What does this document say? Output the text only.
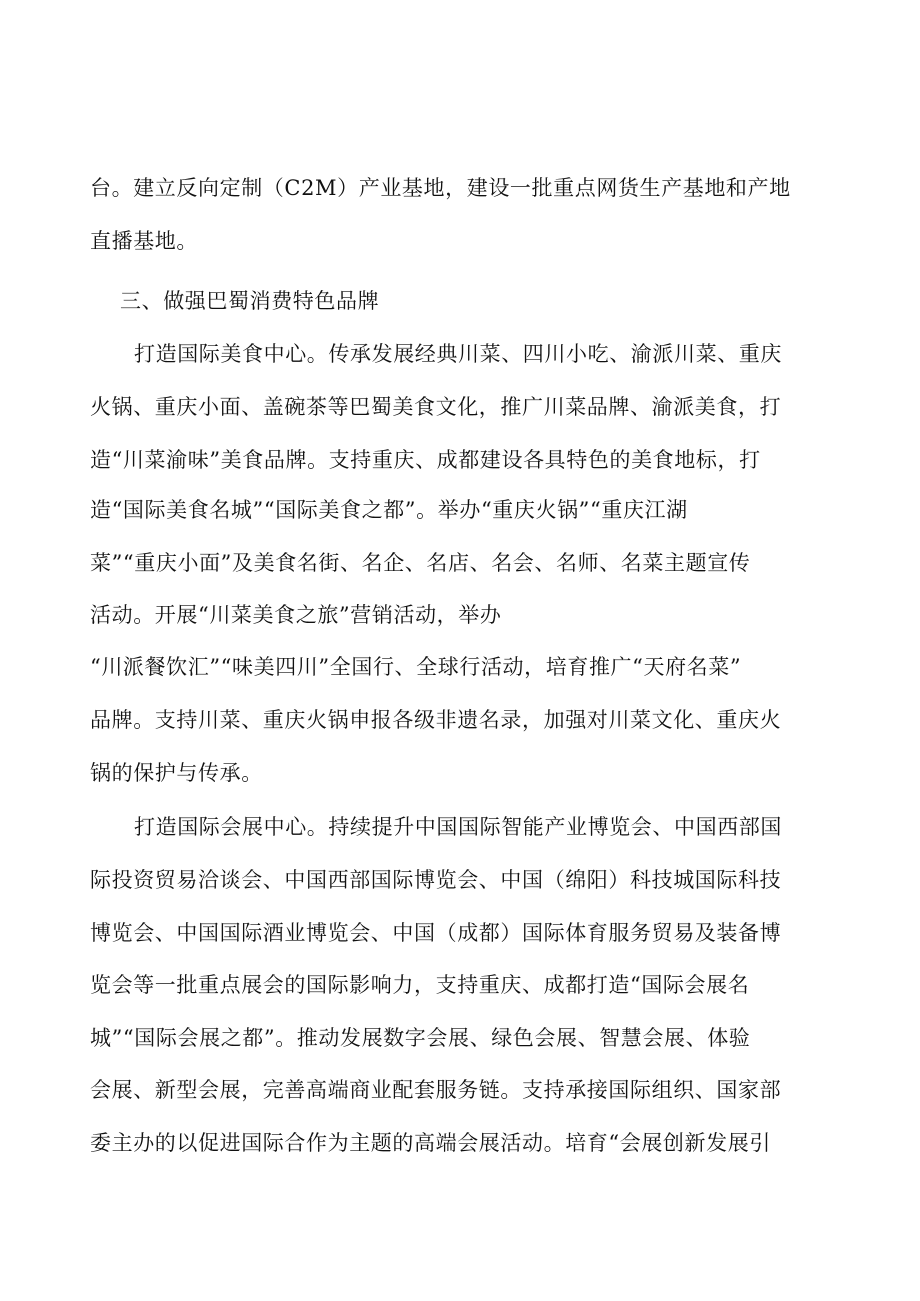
台。建立反向定制（C2M）产业基地，建设一批重点网货生产基地和产地
直播基地。
三、做强巴蜀消费特色品牌
打造国际美食中心。传承发展经典川菜、四川小吃、渝派川菜、重庆
火锅、重庆小面、盖碗茶等巴蜀美食文化，推广川菜品牌、渝派美食，打
造“川菜渝味”美食品牌。支持重庆、成都建设各具特色的美食地标，打
造“国际美食名城”“国际美食之都”。举办“重庆火锅”“重庆江湖
菜”“重庆小面”及美食名街、名企、名店、名会、名师、名菜主题宣传
活动。开展“川菜美食之旅”营销活动，举办
“川派餐饮汇”“味美四川”全国行、全球行活动，培育推广“天府名菜”
品牌。支持川菜、重庆火锅申报各级非遗名录，加强对川菜文化、重庆火
锅的保护与传承。
打造国际会展中心。持续提升中国国际智能产业博览会、中国西部国
际投资贸易洽谈会、中国西部国际博览会、中国（绵阳）科技城国际科技
博览会、中国国际酒业博览会、中国（成都）国际体育服务贸易及装备博
览会等一批重点展会的国际影响力，支持重庆、成都打造“国际会展名
城”“国际会展之都”。推动发展数字会展、绿色会展、智慧会展、体验
会展、新型会展，完善高端商业配套服务链。支持承接国际组织、国家部
委主办的以促进国际合作为主题的高端会展活动。培育“会展创新发展引
